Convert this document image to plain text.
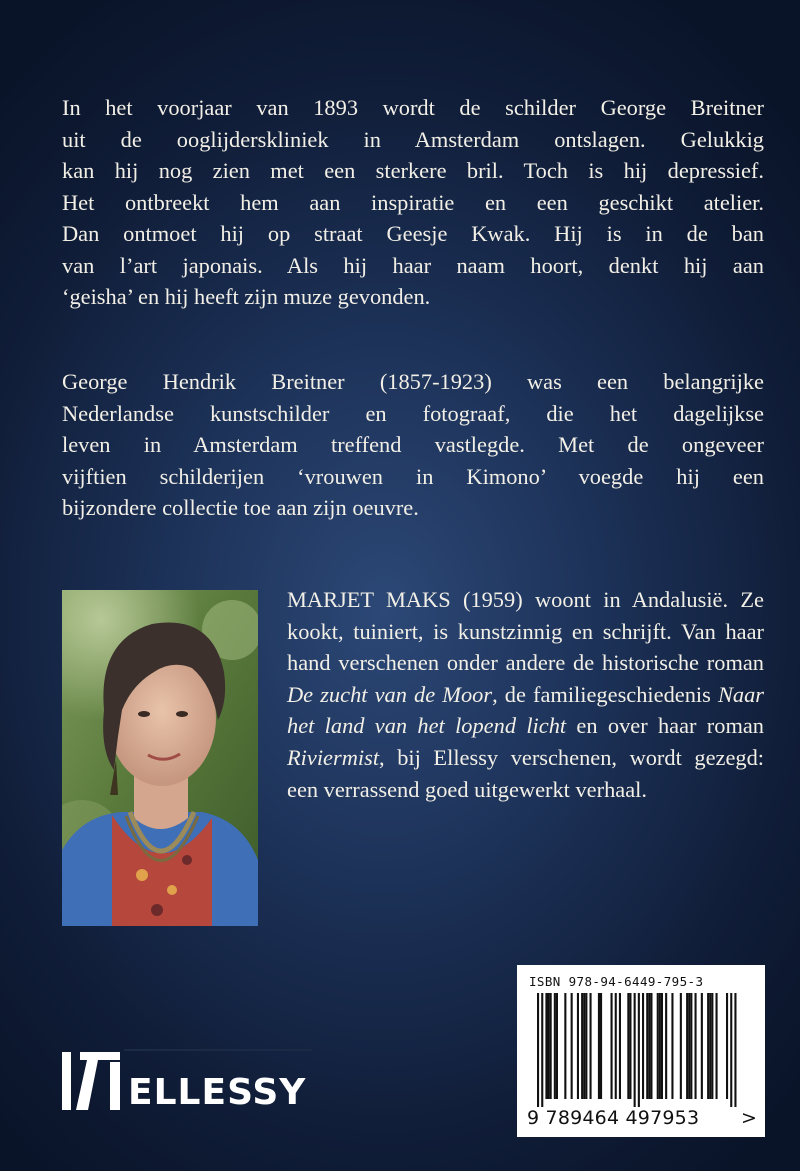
In het voorjaar van 1893 wordt de schilder George Breitner
uit de ooglijderskliniek in Amsterdam ontslagen. Gelukkig
kan hij nog zien met een sterkere bril. Toch is hij depressief.
Het ontbreekt hem aan inspiratie en een geschikt atelier.
Dan ontmoet hij op straat Geesje Kwak. Hij is in de ban
van l’art japonais. Als hij haar naam hoort, denkt hij aan
‘geisha’ en hij heeft zijn muze gevonden.

George Hendrik Breitner (1857-1923) was een belangrijke
Nederlandse kunstschilder en fotograaf, die het dagelijkse
leven in Amsterdam treffend vastlegde. Met de ongeveer
vijftien schilderijen ‘vrouwen in Kimono’ voegde hij een
bijzondere collectie toe aan zijn oeuvre.

MARJET MAKS (1959) woont in Andalusië. Ze kookt, tuiniert, is kunstzinnig en schrijft. Van haar hand verschenen onder andere de historische roman De zucht van de Moor, de familiegeschiedenis Naar het land van het lopend licht en over haar roman Riviermist, bij Ellessy verschenen, wordt gezegd: een verrassend goed uitgewerkt verhaal.

ELLESSY
ISBN 978-94-6449-795-3
9 789464 497953 >
